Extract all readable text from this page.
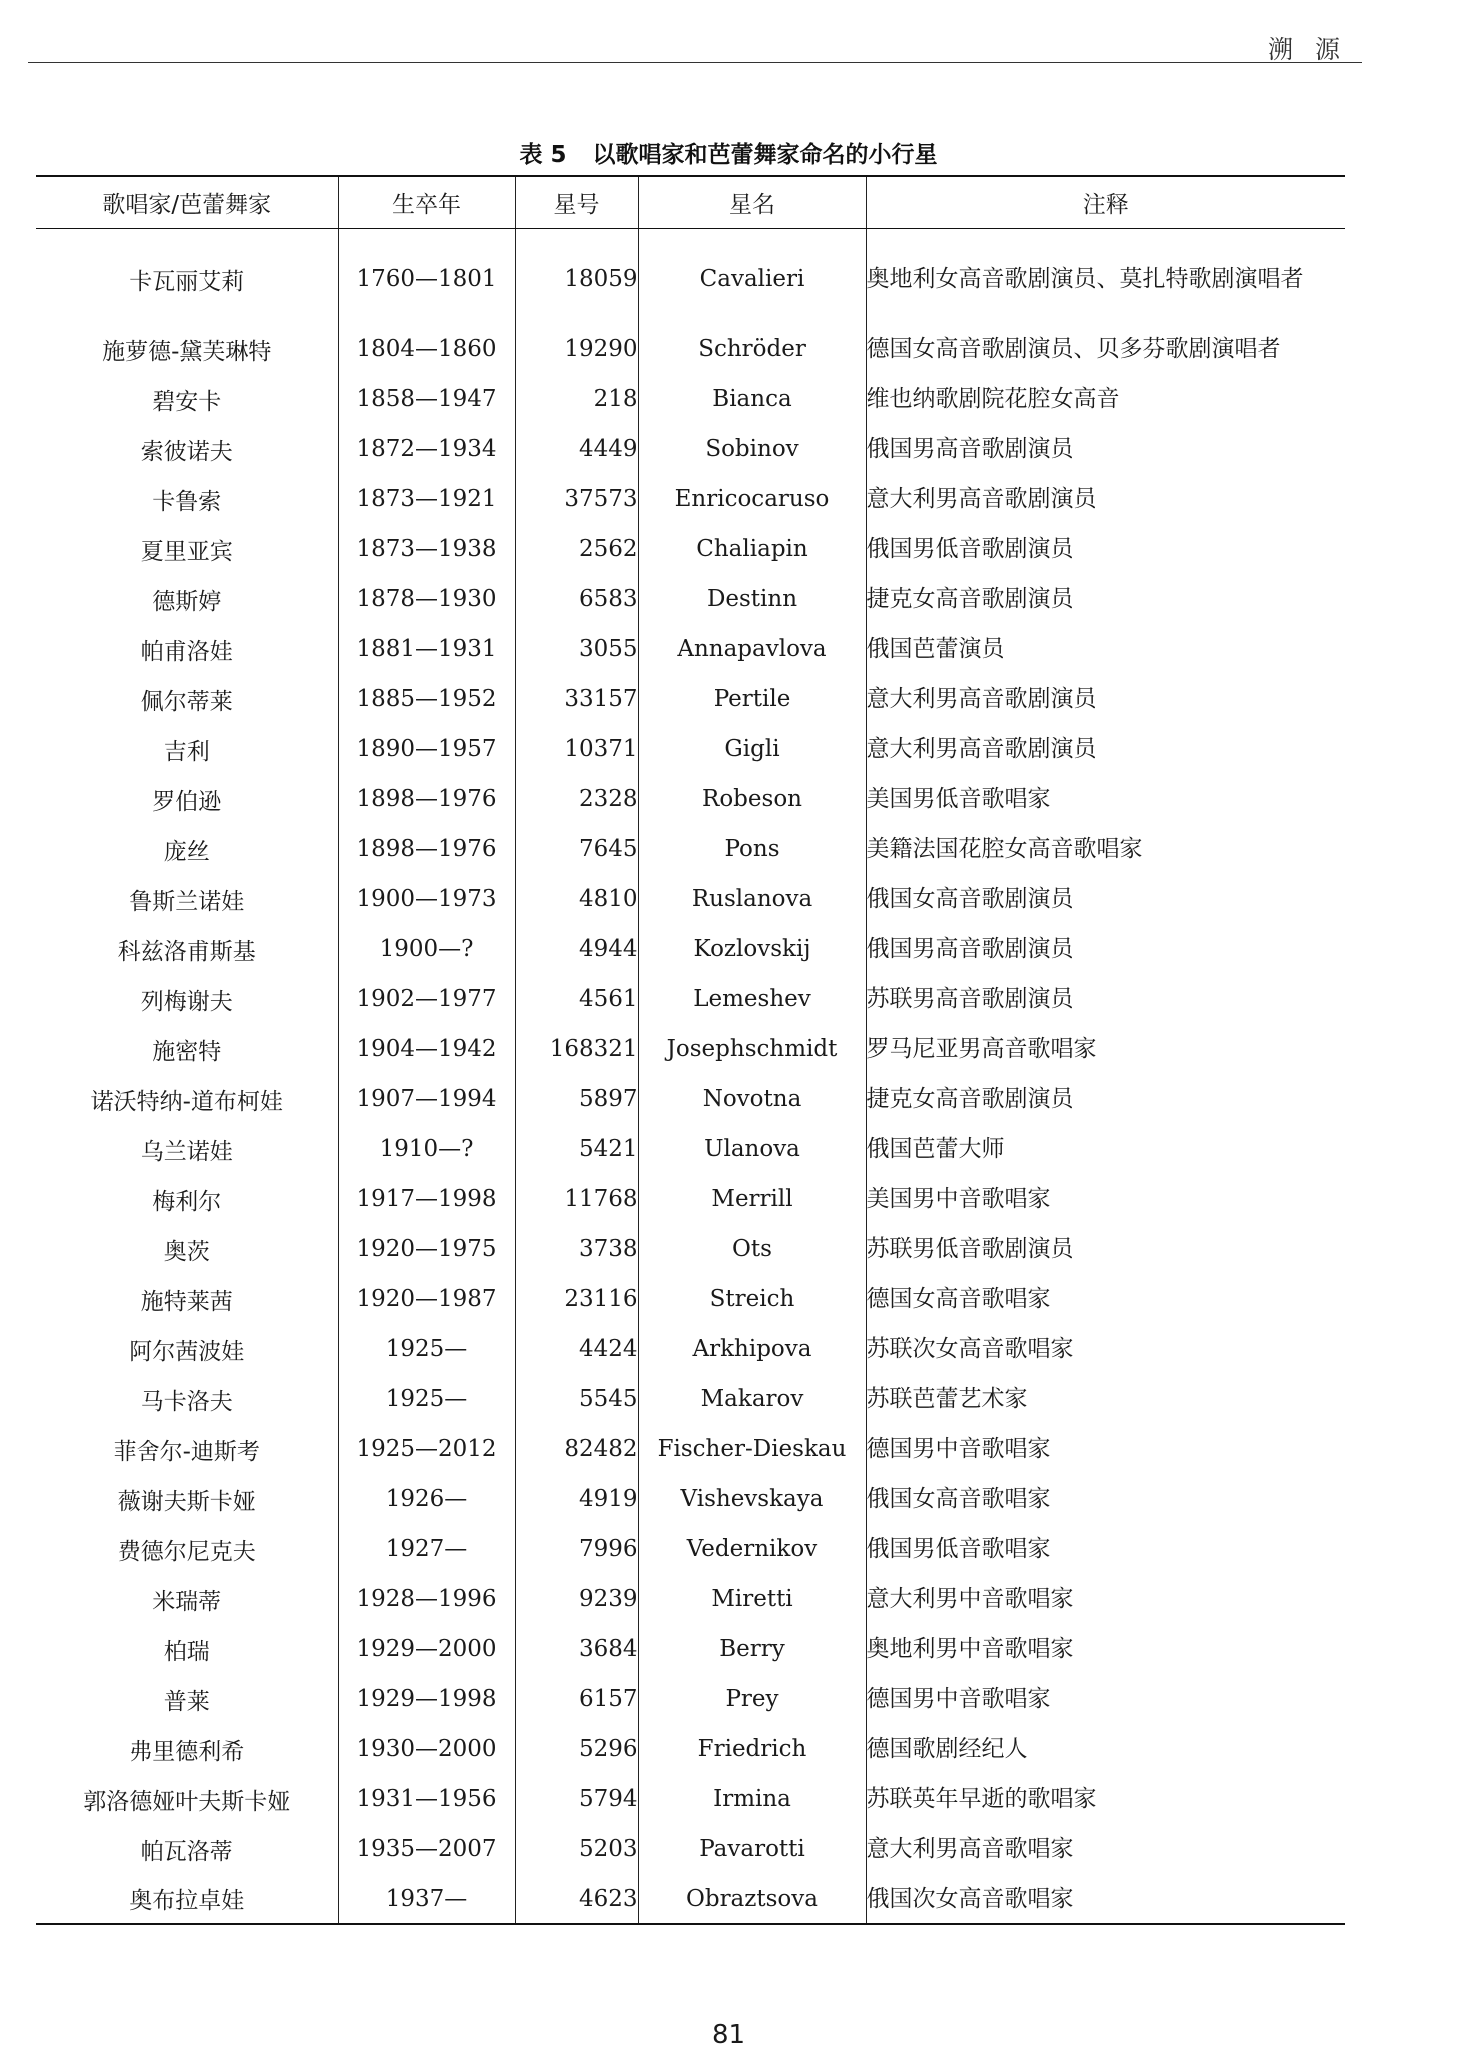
溯源
表 5 以歌唱家和芭蕾舞家命名的小行星
歌唱家/芭蕾舞家	生卒年	星号	星名	注释
卡瓦丽艾莉	1760—1801	18059	Cavalieri	奥地利女高音歌剧演员、莫扎特歌剧演唱者
施萝德-黛芙琳特	1804—1860	19290	Schröder	德国女高音歌剧演员、贝多芬歌剧演唱者
碧安卡	1858—1947	218	Bianca	维也纳歌剧院花腔女高音
索彼诺夫	1872—1934	4449	Sobinov	俄国男高音歌剧演员
卡鲁索	1873—1921	37573	Enricocaruso	意大利男高音歌剧演员
夏里亚宾	1873—1938	2562	Chaliapin	俄国男低音歌剧演员
德斯婷	1878—1930	6583	Destinn	捷克女高音歌剧演员
帕甫洛娃	1881—1931	3055	Annapavlova	俄国芭蕾演员
佩尔蒂莱	1885—1952	33157	Pertile	意大利男高音歌剧演员
吉利	1890—1957	10371	Gigli	意大利男高音歌剧演员
罗伯逊	1898—1976	2328	Robeson	美国男低音歌唱家
庞丝	1898—1976	7645	Pons	美籍法国花腔女高音歌唱家
鲁斯兰诺娃	1900—1973	4810	Ruslanova	俄国女高音歌剧演员
科兹洛甫斯基	1900—?	4944	Kozlovskij	俄国男高音歌剧演员
列梅谢夫	1902—1977	4561	Lemeshev	苏联男高音歌剧演员
施密特	1904—1942	168321	Josephschmidt	罗马尼亚男高音歌唱家
诺沃特纳-道布柯娃	1907—1994	5897	Novotna	捷克女高音歌剧演员
乌兰诺娃	1910—?	5421	Ulanova	俄国芭蕾大师
梅利尔	1917—1998	11768	Merrill	美国男中音歌唱家
奥茨	1920—1975	3738	Ots	苏联男低音歌剧演员
施特莱茜	1920—1987	23116	Streich	德国女高音歌唱家
阿尔茜波娃	1925—	4424	Arkhipova	苏联次女高音歌唱家
马卡洛夫	1925—	5545	Makarov	苏联芭蕾艺术家
菲舍尔-迪斯考	1925—2012	82482	Fischer-Dieskau	德国男中音歌唱家
薇谢夫斯卡娅	1926—	4919	Vishevskaya	俄国女高音歌唱家
费德尔尼克夫	1927—	7996	Vedernikov	俄国男低音歌唱家
米瑞蒂	1928—1996	9239	Miretti	意大利男中音歌唱家
柏瑞	1929—2000	3684	Berry	奥地利男中音歌唱家
普莱	1929—1998	6157	Prey	德国男中音歌唱家
弗里德利希	1930—2000	5296	Friedrich	德国歌剧经纪人
郭洛德娅叶夫斯卡娅	1931—1956	5794	Irmina	苏联英年早逝的歌唱家
帕瓦洛蒂	1935—2007	5203	Pavarotti	意大利男高音歌唱家
奥布拉卓娃	1937—	4623	Obraztsova	俄国次女高音歌唱家
81
